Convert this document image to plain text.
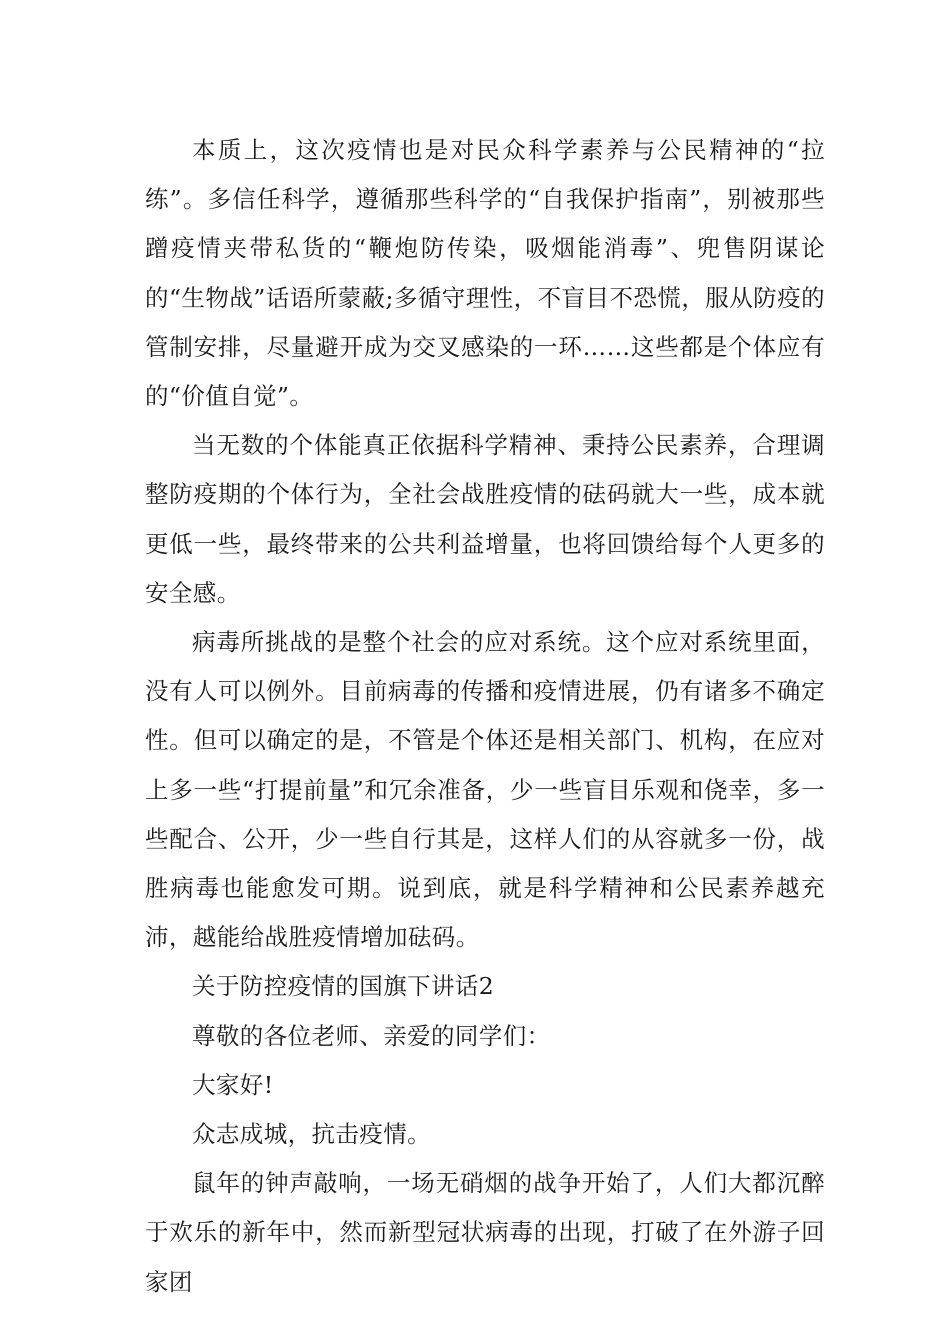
本质上，这次疫情也是对民众科学素养与公民精神的“拉练”。多信任科学，遵循那些科学的“自我保护指南”，别被那些蹭疫情夹带私货的“鞭炮防传染，吸烟能消毒”、兜售阴谋论的“生物战”话语所蒙蔽;多循守理性，不盲目不恐慌，服从防疫的管制安排，尽量避开成为交叉感染的一环……这些都是个体应有的“价值自觉”。

当无数的个体能真正依据科学精神、秉持公民素养，合理调整防疫期的个体行为，全社会战胜疫情的砝码就大一些，成本就更低一些，最终带来的公共利益增量，也将回馈给每个人更多的安全感。

病毒所挑战的是整个社会的应对系统。这个应对系统里面，没有人可以例外。目前病毒的传播和疫情进展，仍有诸多不确定性。但可以确定的是，不管是个体还是相关部门、机构，在应对上多一些“打提前量”和冗余准备，少一些盲目乐观和侥幸，多一些配合、公开，少一些自行其是，这样人们的从容就多一份，战胜病毒也能愈发可期。说到底，就是科学精神和公民素养越充沛，越能给战胜疫情增加砝码。

关于防控疫情的国旗下讲话2

尊敬的各位老师、亲爱的同学们：

大家好!

众志成城，抗击疫情。

鼠年的钟声敲响，一场无硝烟的战争开始了，人们大都沉醉于欢乐的新年中，然而新型冠状病毒的出现，打破了在外游子回家团
